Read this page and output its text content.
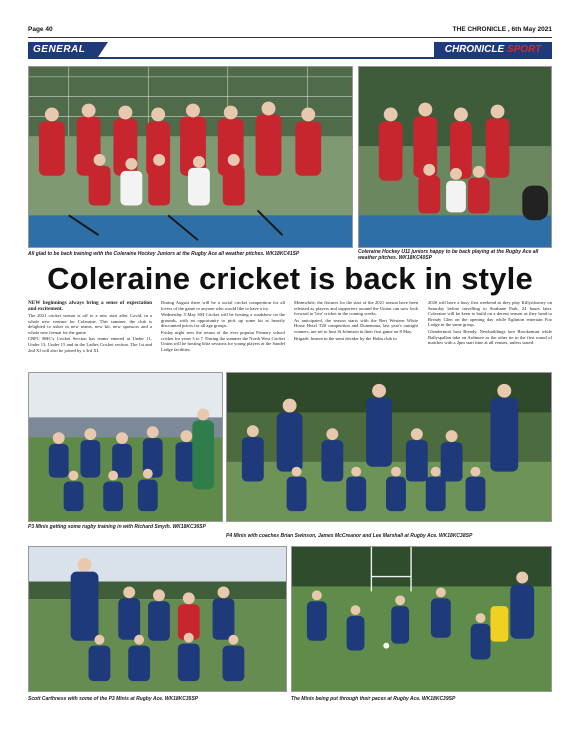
Page 40	THE CHRONICLE , 6th May 2021
GENERAL	CHRONICLE SPORT
All glad to be back training with the Coleraine Hockey Juniors at the Rugby Ace all weather pitches. WK18KC41SP	Coleraine Hockey U11 juniors happy to be back playing at the Rugby Ace all weather pitches. WK18KC40SP
Coleraine cricket is back in style

NEW beginnings always bring a sense of expectation and excitement.

The 2021 cricket season is off to a new start after Covid, in a whole new venture for Coleraine. This summer, the club is delighted to usher in new teams, new kit, new sponsors and a whole new format for the game.

CRFC RHC's Cricket Section has teams entered at Under 11, Under 13, Under 15 and in the Ladies Cricket section. The 1st and 2nd XI will also be joined by a 3rd XI.

During August there will be a social cricket competition for all lovers of the game or anyone who would like to have a try.

Wednesday 5 May SM Cricket will be hosting a roadshow on the grounds, with an opportunity to pick up some kit at heavily discounted prices for all age groups.

Friday night sees the return of the ever popular Primary school cricket for years 3 to 7. During the summer the North West Cricket Union will be hosting blitz sessions for young players at the Sandel Lodge facilities.

Meanwhile, the fixtures for the start of the 2021 season have been released as players and supporters around the Union can now look forward to 'live' cricket in the coming weeks.

As anticipated, the season starts with the Bert Western White Horse Hotel T20 competition and Donemana, last year's outright winners, are set to host St Johnston in their first game on 8 May.

Brigade, beaten in the semi decider by the Holm club in

2020 will have a busy first weekend as they play Killyrdooney on Saturday before travelling to Strabane Park, 24 hours later. Coleraine will be keen to build on a decent season as they head to Bready Glen on the opening day while Eglinton entertain Foo Lodge in the same group.

Glendermott host Bready, Newbuildings face Brookemurt while Ballyspallan take on Ardmore as the other tie in the first round of matches with a 2pm start time at all venues, unless stated.

P3 Minis getting some rugby training in with Richard Smyth. WK18KC36SP
P4 Minis with coaches Brian Swinson, James McCreanor and Lee Marshall at Rugby Ace. WK18KC38SP
Scott Carthness with some of the P3 Minis at Rugby Ace. WK18KC35SP	The Minis being put through their paces at Rugby Ace. WK18KC39SP
